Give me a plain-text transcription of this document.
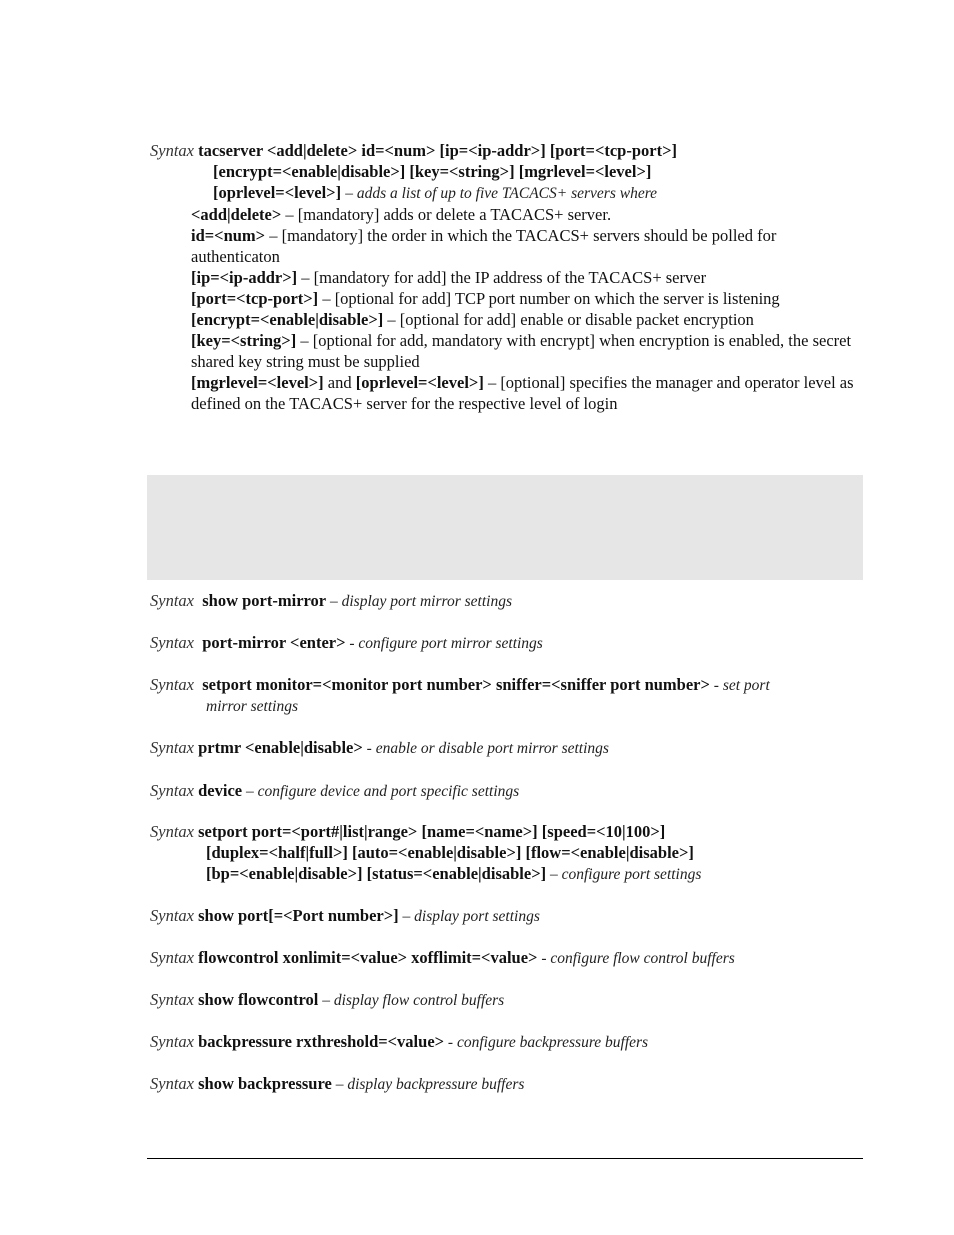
Syntax tacserver <add|delete> id=<num> [ip=<ip-addr>] [port=<tcp-port>]
[encrypt=<enable|disable>] [key=<string>] [mgrlevel=<level>]
[oprlevel=<level>] – adds a list of up to five TACACS+ servers where
<add|delete> – [mandatory] adds or delete a TACACS+ server.
id=<num> – [mandatory] the order in which the TACACS+ servers should be polled for authenticaton
[ip=<ip-addr>] – [mandatory for add] the IP address of the TACACS+ server
[port=<tcp-port>] – [optional for add] TCP port number on which the server is listening
[encrypt=<enable|disable>] – [optional for add] enable or disable packet encryption
[key=<string>] – [optional for add, mandatory with encrypt] when encryption is enabled, the secret shared key string must be supplied
[mgrlevel=<level>] and [oprlevel=<level>] – [optional] specifies the manager and operator level as defined on the TACACS+ server for the respective level of login
Syntax show port-mirror – display port mirror settings
Syntax port-mirror <enter> - configure port mirror settings
Syntax setport monitor=<monitor port number> sniffer=<sniffer port number> - set port
mirror settings
Syntax prtmr <enable|disable> - enable or disable port mirror settings
Syntax device – configure device and port specific settings
Syntax setport port=<port#|list|range> [name=<name>] [speed=<10|100>]
[duplex=<half|full>] [auto=<enable|disable>] [flow=<enable|disable>]
[bp=<enable|disable>] [status=<enable|disable>] – configure port settings
Syntax show port[=<Port number>] – display port settings
Syntax flowcontrol xonlimit=<value> xofflimit=<value> - configure flow control buffers
Syntax show flowcontrol – display flow control buffers
Syntax backpressure rxthreshold=<value> - configure backpressure buffers
Syntax show backpressure – display backpressure buffers
